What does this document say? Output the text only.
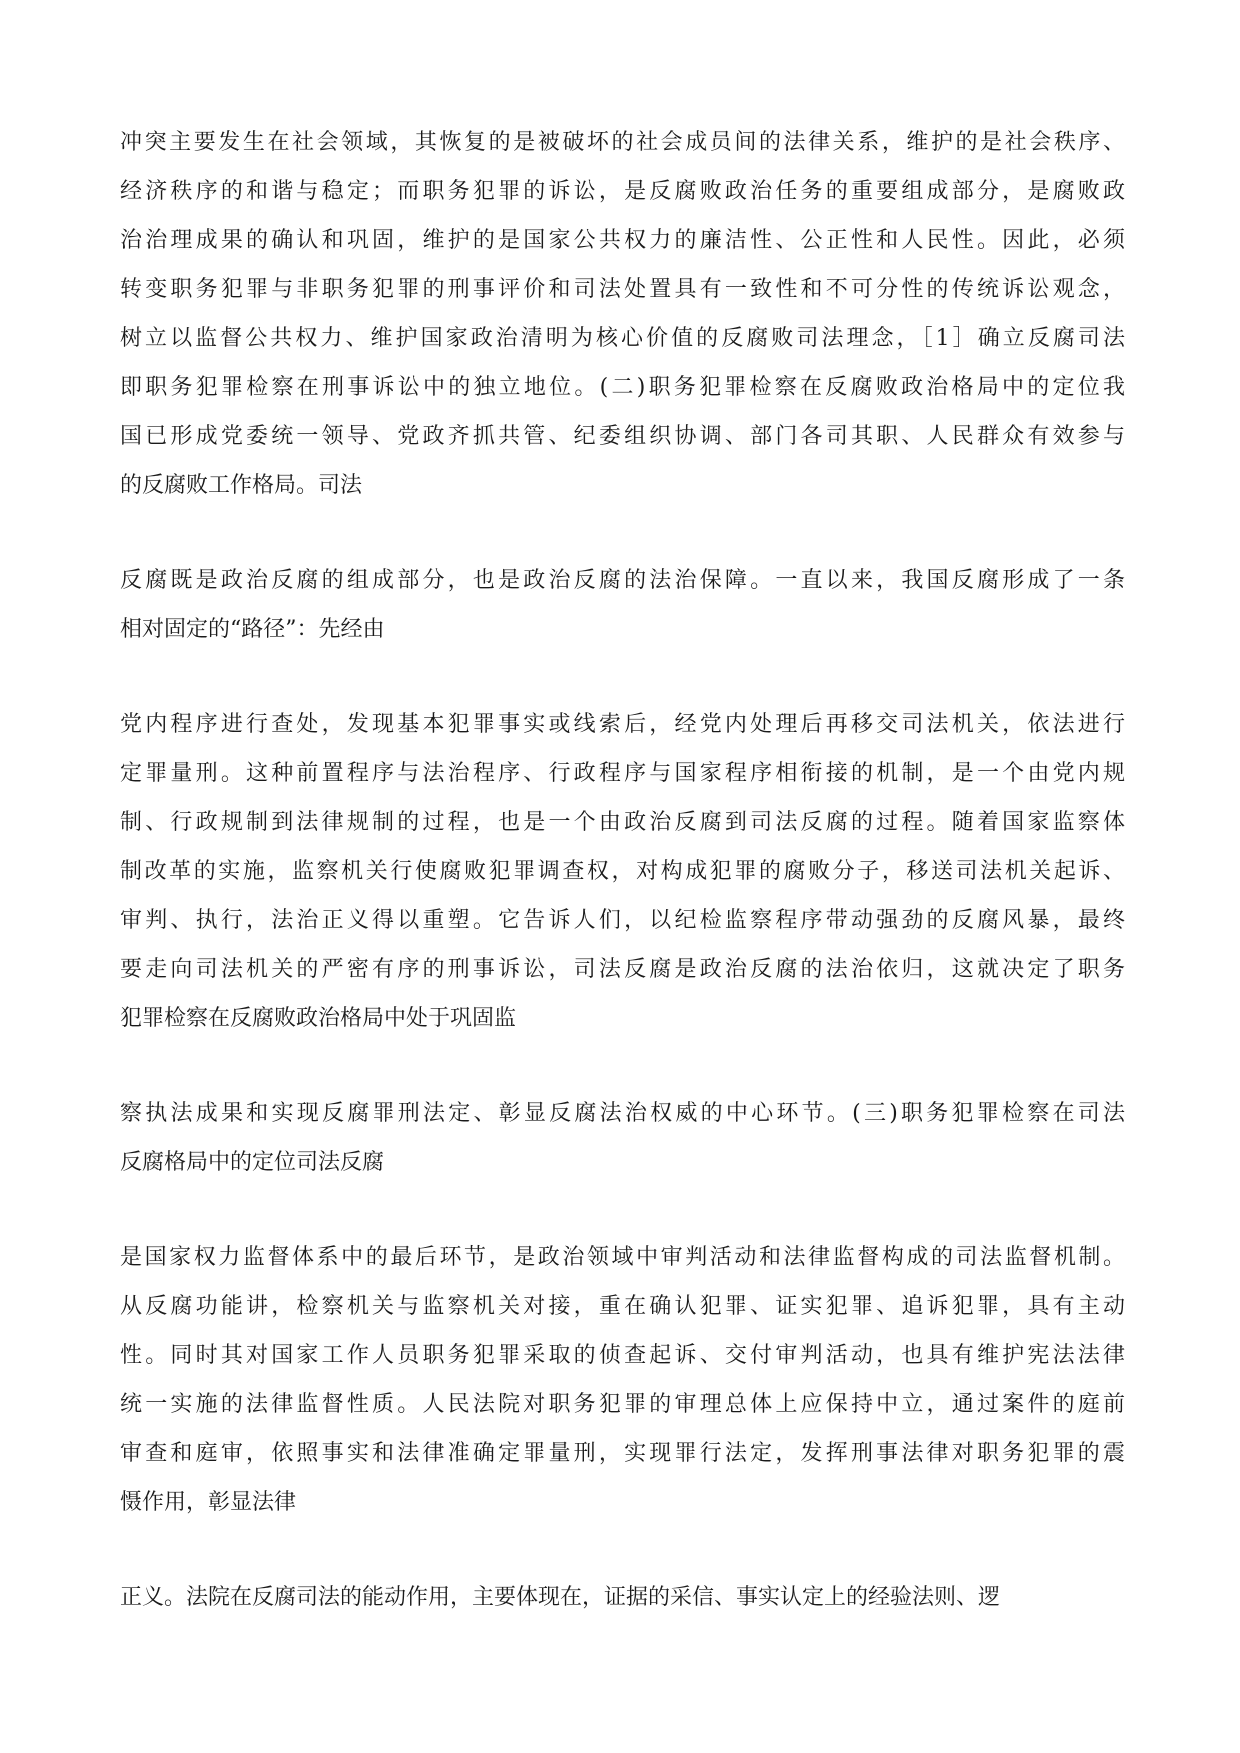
冲突主要发生在社会领域，其恢复的是被破坏的社会成员间的法律关系，维护的是社会秩序、
经济秩序的和谐与稳定；而职务犯罪的诉讼，是反腐败政治任务的重要组成部分，是腐败政
治治理成果的确认和巩固，维护的是国家公共权力的廉洁性、公正性和人民性。因此，必须
转变职务犯罪与非职务犯罪的刑事评价和司法处置具有一致性和不可分性的传统诉讼观念，
树立以监督公共权力、维护国家政治清明为核心价值的反腐败司法理念，［1］确立反腐司法
即职务犯罪检察在刑事诉讼中的独立地位。(二)职务犯罪检察在反腐败政治格局中的定位我
国已形成党委统一领导、党政齐抓共管、纪委组织协调、部门各司其职、人民群众有效参与
的反腐败工作格局。司法
反腐既是政治反腐的组成部分，也是政治反腐的法治保障。一直以来，我国反腐形成了一条
相对固定的“路径”：先经由
党内程序进行查处，发现基本犯罪事实或线索后，经党内处理后再移交司法机关，依法进行
定罪量刑。这种前置程序与法治程序、行政程序与国家程序相衔接的机制，是一个由党内规
制、行政规制到法律规制的过程，也是一个由政治反腐到司法反腐的过程。随着国家监察体
制改革的实施，监察机关行使腐败犯罪调查权，对构成犯罪的腐败分子，移送司法机关起诉、
审判、执行，法治正义得以重塑。它告诉人们，以纪检监察程序带动强劲的反腐风暴，最终
要走向司法机关的严密有序的刑事诉讼，司法反腐是政治反腐的法治依归，这就决定了职务
犯罪检察在反腐败政治格局中处于巩固监
察执法成果和实现反腐罪刑法定、彰显反腐法治权威的中心环节。(三)职务犯罪检察在司法
反腐格局中的定位司法反腐
是国家权力监督体系中的最后环节，是政治领域中审判活动和法律监督构成的司法监督机制。
从反腐功能讲，检察机关与监察机关对接，重在确认犯罪、证实犯罪、追诉犯罪，具有主动
性。同时其对国家工作人员职务犯罪采取的侦查起诉、交付审判活动，也具有维护宪法法律
统一实施的法律监督性质。人民法院对职务犯罪的审理总体上应保持中立，通过案件的庭前
审查和庭审，依照事实和法律准确定罪量刑，实现罪行法定，发挥刑事法律对职务犯罪的震
慑作用，彰显法律
正义。法院在反腐司法的能动作用，主要体现在，证据的采信、事实认定上的经验法则、逻
